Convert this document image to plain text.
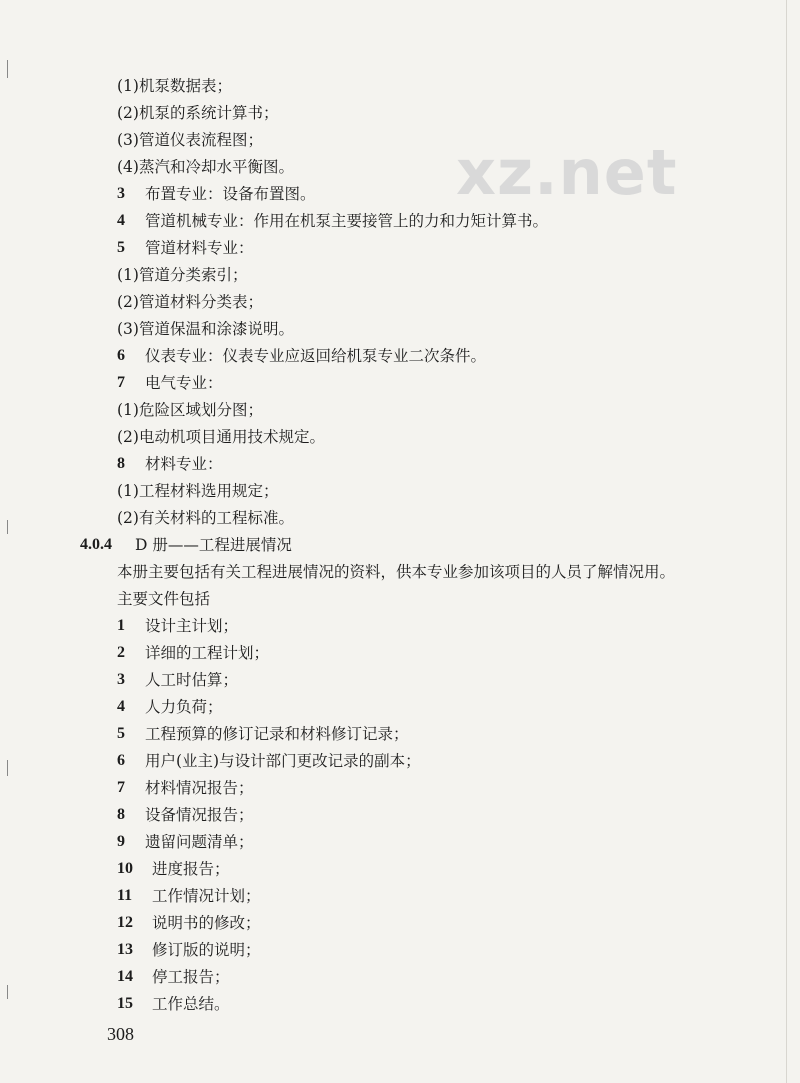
xz.net
(1)机泵数据表；
(2)机泵的系统计算书；
(3)管道仪表流程图；
(4)蒸汽和冷却水平衡图。
3 布置专业：设备布置图。
4 管道机械专业：作用在机泵主要接管上的力和力矩计算书。
5 管道材料专业：
(1)管道分类索引；
(2)管道材料分类表；
(3)管道保温和涂漆说明。
6 仪表专业：仪表专业应返回给机泵专业二次条件。
7 电气专业：
(1)危险区域划分图；
(2)电动机项目通用技术规定。
8 材料专业：
(1)工程材料选用规定；
(2)有关材料的工程标准。
4.0.4 D 册——工程进展情况
本册主要包括有关工程进展情况的资料，供本专业参加该项目的人员了解情况用。
主要文件包括
1 设计主计划；
2 详细的工程计划；
3 人工时估算；
4 人力负荷；
5 工程预算的修订记录和材料修订记录；
6 用户(业主)与设计部门更改记录的副本；
7 材料情况报告；
8 设备情况报告；
9 遗留问题清单；
10 进度报告；
11 工作情况计划；
12 说明书的修改；
13 修订版的说明；
14 停工报告；
15 工作总结。
308
